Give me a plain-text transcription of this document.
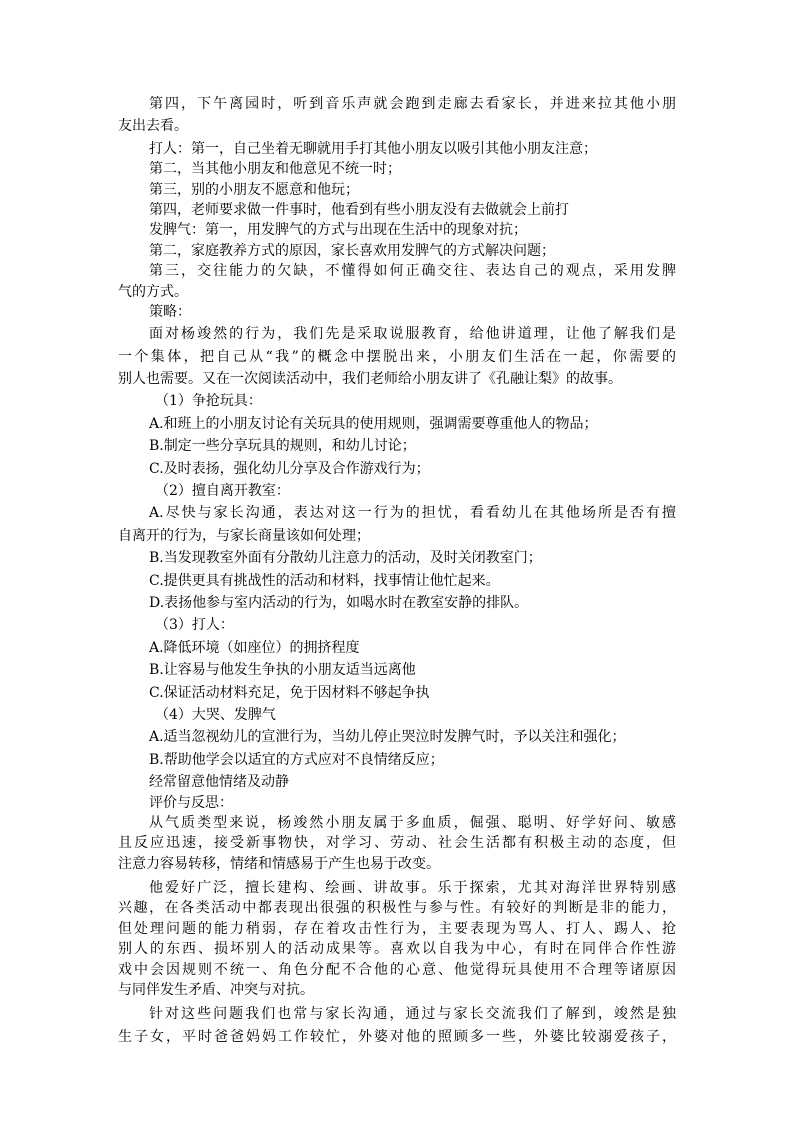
第四，下午离园时，听到音乐声就会跑到走廊去看家长，并进来拉其他小朋
友出去看。
打人：第一，自己坐着无聊就用手打其他小朋友以吸引其他小朋友注意；
第二，当其他小朋友和他意见不统一时；
第三，别的小朋友不愿意和他玩；
第四，老师要求做一件事时，他看到有些小朋友没有去做就会上前打
发脾气：第一，用发脾气的方式与出现在生活中的现象对抗；
第二，家庭教养方式的原因，家长喜欢用发脾气的方式解决问题；
第三，交往能力的欠缺，不懂得如何正确交往、表达自己的观点，采用发脾
气的方式。
策略：
面对杨竣然的行为，我们先是采取说服教育，给他讲道理，让他了解我们是
一个集体，把自己从“我”的概念中摆脱出来，小朋友们生活在一起，你需要的
别人也需要。又在一次阅读活动中，我们老师给小朋友讲了《孔融让梨》的故事。
（1）争抢玩具：
A.和班上的小朋友讨论有关玩具的使用规则，强调需要尊重他人的物品；
B.制定一些分享玩具的规则，和幼儿讨论；
C.及时表扬，强化幼儿分享及合作游戏行为；
（2）擅自离开教室：
A.尽快与家长沟通，表达对这一行为的担忧，看看幼儿在其他场所是否有擅
自离开的行为，与家长商量该如何处理；
B.当发现教室外面有分散幼儿注意力的活动，及时关闭教室门；
C.提供更具有挑战性的活动和材料，找事情让他忙起来。
D.表扬他参与室内活动的行为，如喝水时在教室安静的排队。
（3）打人：
A.降低环境（如座位）的拥挤程度
B.让容易与他发生争执的小朋友适当远离他
C.保证活动材料充足，免于因材料不够起争执
（4）大哭、发脾气
A.适当忽视幼儿的宣泄行为，当幼儿停止哭泣时发脾气时，予以关注和强化；
B.帮助他学会以适宜的方式应对不良情绪反应；
经常留意他情绪及动静
评价与反思：
从气质类型来说，杨竣然小朋友属于多血质，倔强、聪明、好学好问、敏感
且反应迅速，接受新事物快，对学习、劳动、社会生活都有积极主动的态度，但
注意力容易转移，情绪和情感易于产生也易于改变。
他爱好广泛，擅长建构、绘画、讲故事。乐于探索，尤其对海洋世界特别感
兴趣，在各类活动中都表现出很强的积极性与参与性。有较好的判断是非的能力，
但处理问题的能力稍弱，存在着攻击性行为，主要表现为骂人、打人、踢人、抢
别人的东西、损坏别人的活动成果等。喜欢以自我为中心，有时在同伴合作性游
戏中会因规则不统一、角色分配不合他的心意、他觉得玩具使用不合理等诸原因
与同伴发生矛盾、冲突与对抗。
针对这些问题我们也常与家长沟通，通过与家长交流我们了解到，竣然是独
生子女，平时爸爸妈妈工作较忙，外婆对他的照顾多一些，外婆比较溺爱孩子，
